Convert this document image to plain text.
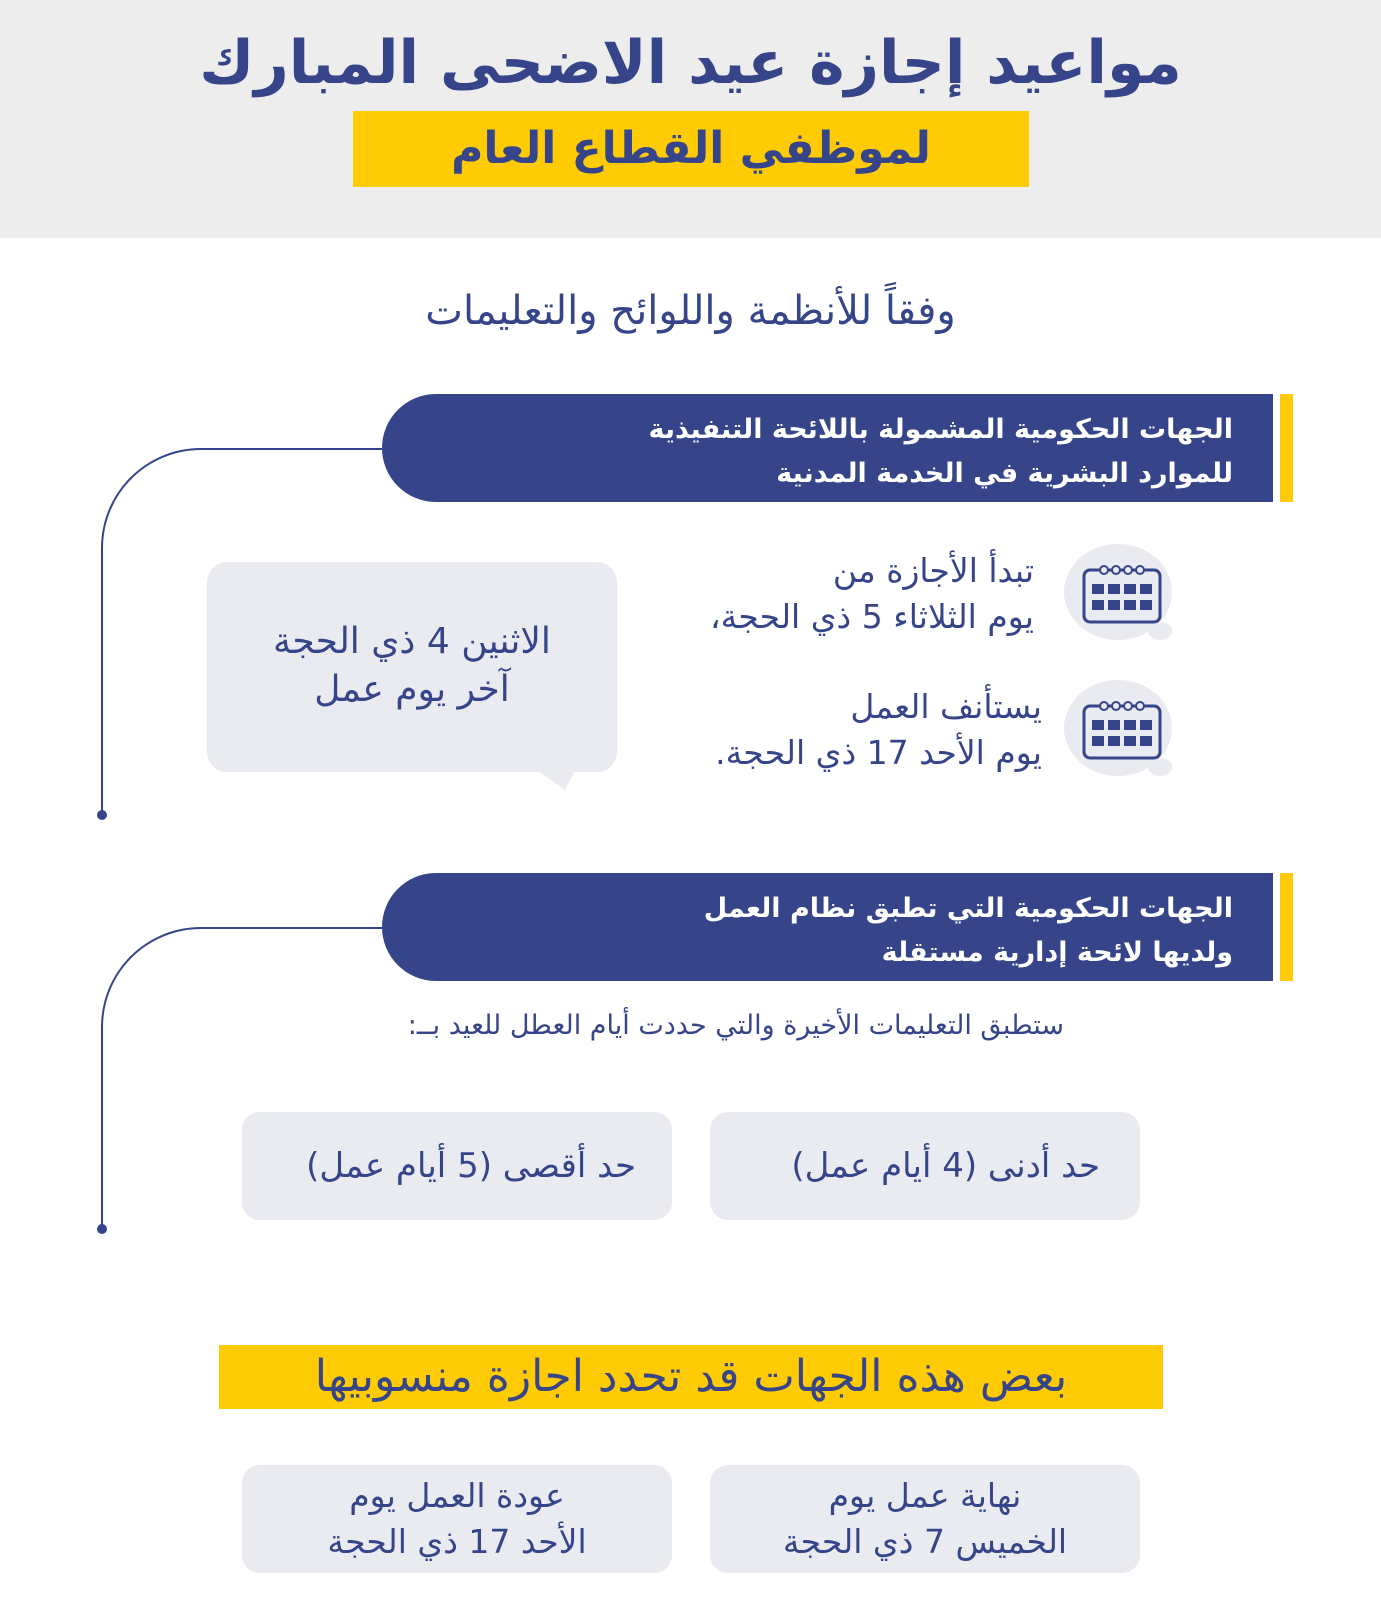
مواعيد إجازة عيد الاضحى المبارك
لموظفي القطاع العام
وفقاً للأنظمة واللوائح والتعليمات
الجهات الحكومية المشمولة باللائحة التنفيذية
للموارد البشرية في الخدمة المدنية
تبدأ الأجازة من
يوم الثلاثاء 5 ذي الحجة،
يستأنف العمل
يوم الأحد 17 ذي الحجة.
الاثنين 4 ذي الحجة
آخر يوم عمل
الجهات الحكومية التي تطبق نظام العمل
ولديها لائحة إدارية مستقلة
ستطبق التعليمات الأخيرة والتي حددت أيام العطل للعيد بــ:
حد أدنى (4 أيام عمل)
حد أقصى (5 أيام عمل)
بعض هذه الجهات قد تحدد اجازة منسوبيها
نهاية عمل يوم
الخميس 7 ذي الحجة
عودة العمل يوم
الأحد 17 ذي الحجة
